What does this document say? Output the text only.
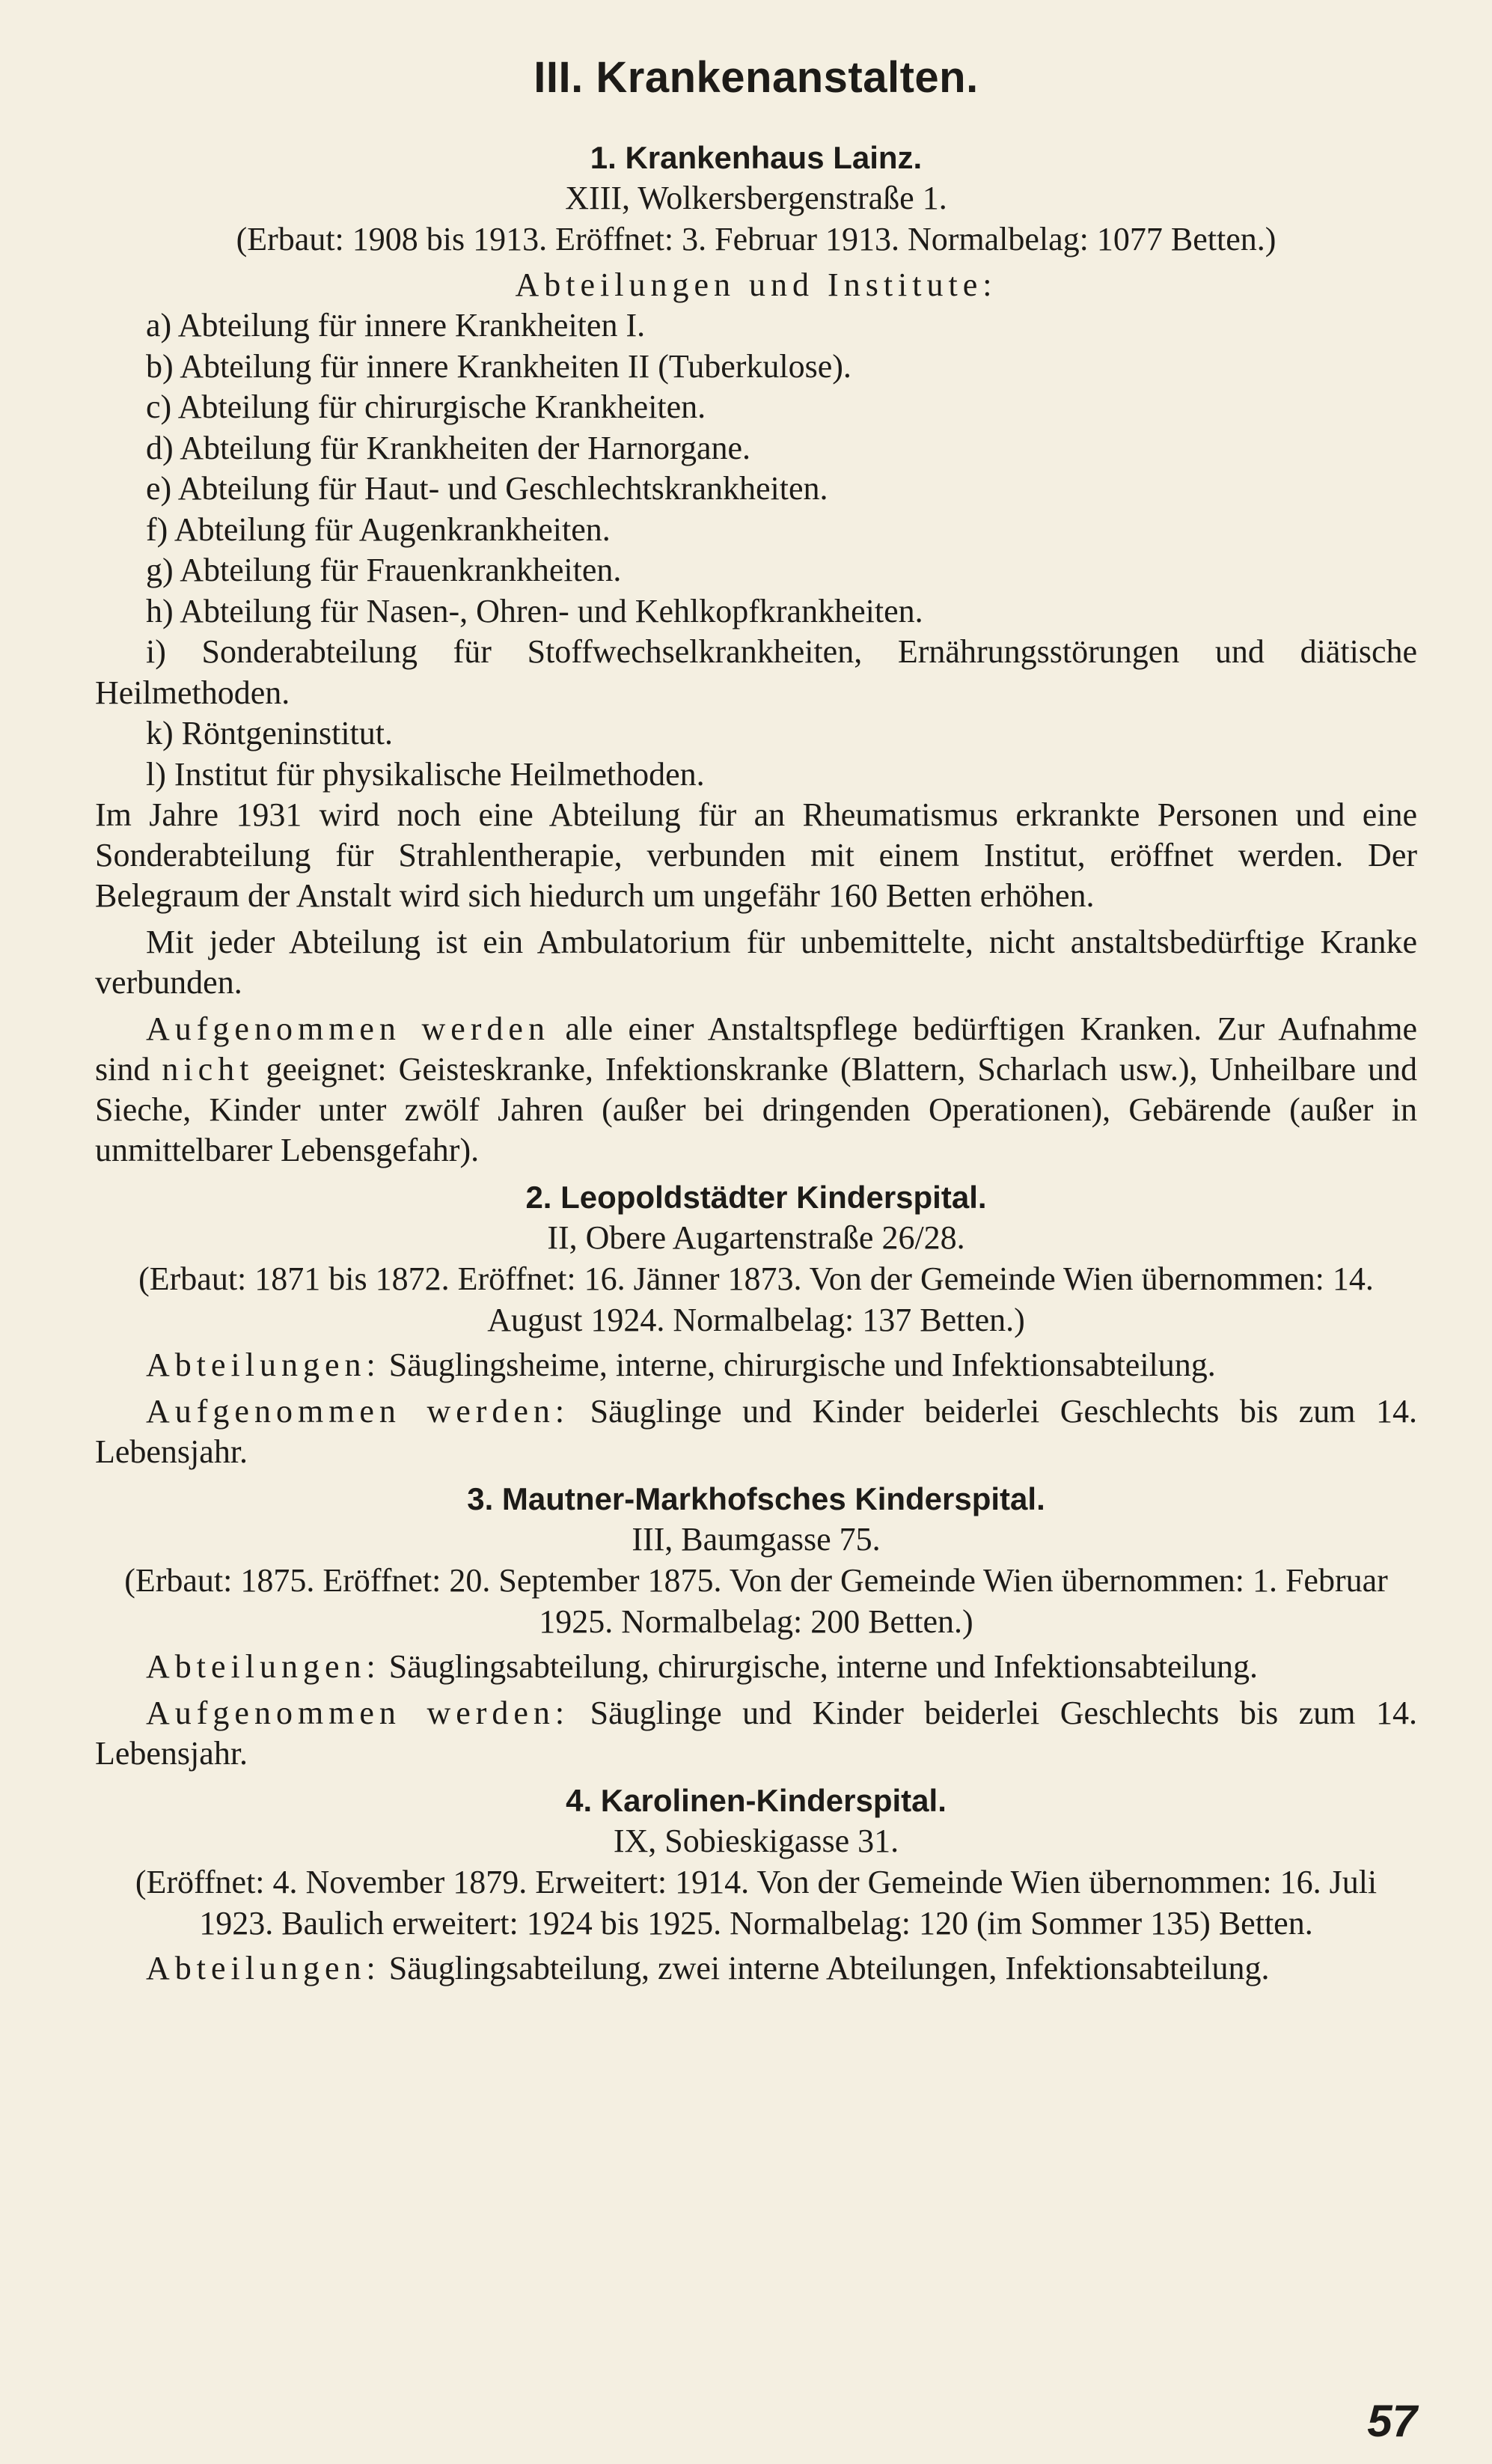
III. Krankenanstalten.
1. Krankenhaus Lainz.

XIII, Wolkersbergenstraße 1.

(Erbaut: 1908 bis 1913. Eröffnet: 3. Februar 1913. Normalbelag: 1077 Betten.)

Abteilungen und Institute:

a) Abteilung für innere Krankheiten I.
b) Abteilung für innere Krankheiten II (Tuberkulose).
c) Abteilung für chirurgische Krankheiten.
d) Abteilung für Krankheiten der Harnorgane.
e) Abteilung für Haut- und Geschlechtskrankheiten.
f) Abteilung für Augenkrankheiten.
g) Abteilung für Frauenkrankheiten.
h) Abteilung für Nasen-, Ohren- und Kehlkopfkrankheiten.
i) Sonderabteilung für Stoffwechselkrankheiten, Ernährungsstörungen und diätische Heilmethoden.
k) Röntgeninstitut.
l) Institut für physikalische Heilmethoden.

Im Jahre 1931 wird noch eine Abteilung für an Rheumatismus erkrankte Personen und eine Sonderabteilung für Strahlentherapie, verbunden mit einem Institut, eröffnet werden. Der Belegraum der Anstalt wird sich hiedurch um ungefähr 160 Betten erhöhen.

Mit jeder Abteilung ist ein Ambulatorium für unbemittelte, nicht anstaltsbedürftige Kranke verbunden.

Aufgenommen werden alle einer Anstaltspflege bedürftigen Kranken. Zur Aufnahme sind nicht geeignet: Geisteskranke, Infektionskranke (Blattern, Scharlach usw.), Unheilbare und Sieche, Kinder unter zwölf Jahren (außer bei dringenden Operationen), Gebärende (außer in unmittelbarer Lebensgefahr).

2. Leopoldstädter Kinderspital.

II, Obere Augartenstraße 26/28.

(Erbaut: 1871 bis 1872. Eröffnet: 16. Jänner 1873. Von der Gemeinde Wien übernommen: 14. August 1924. Normalbelag: 137 Betten.)

Abteilungen: Säuglingsheime, interne, chirurgische und Infektionsabteilung.

Aufgenommen werden: Säuglinge und Kinder beiderlei Geschlechts bis zum 14. Lebensjahr.

3. Mautner-Markhofsches Kinderspital.

III, Baumgasse 75.

(Erbaut: 1875. Eröffnet: 20. September 1875. Von der Gemeinde Wien übernommen: 1. Februar 1925. Normalbelag: 200 Betten.)

Abteilungen: Säuglingsabteilung, chirurgische, interne und Infektionsabteilung.

Aufgenommen werden: Säuglinge und Kinder beiderlei Geschlechts bis zum 14. Lebensjahr.

4. Karolinen-Kinderspital.

IX, Sobieskigasse 31.

(Eröffnet: 4. November 1879. Erweitert: 1914. Von der Gemeinde Wien übernommen: 16. Juli 1923. Baulich erweitert: 1924 bis 1925. Normalbelag: 120 (im Sommer 135) Betten.

Abteilungen: Säuglingsabteilung, zwei interne Abteilungen, Infektionsabteilung.

57
